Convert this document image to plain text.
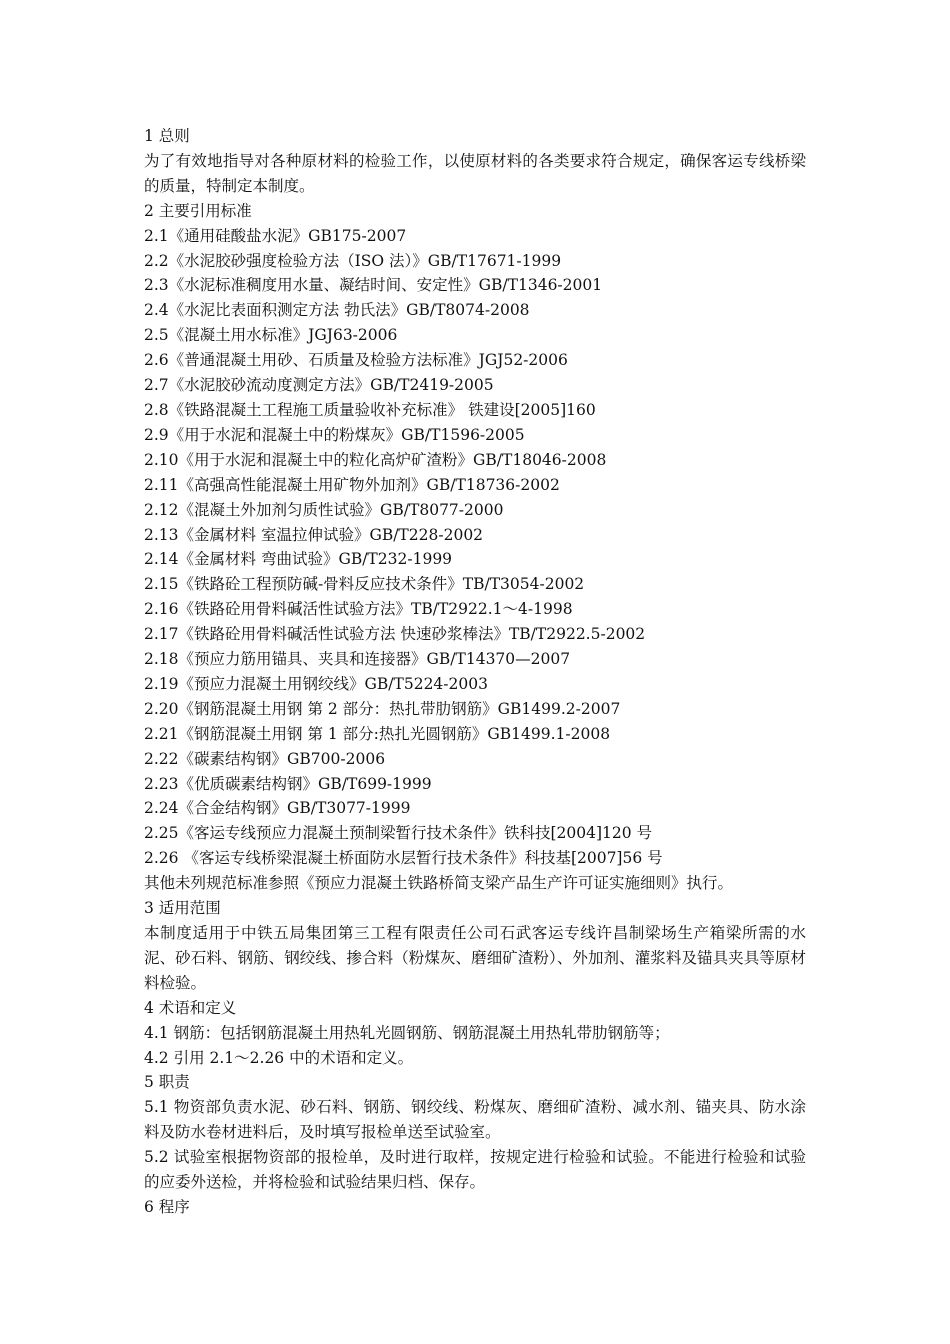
1 总则

为了有效地指导对各种原材料的检验工作，以使原材料的各类要求符合规定，确保客运专线桥梁的质量，特制定本制度。

2 主要引用标准

2.1《通用硅酸盐水泥》GB175-2007

2.2《水泥胶砂强度检验方法（ISO 法）》GB/T17671-1999

2.3《水泥标准稠度用水量、凝结时间、安定性》GB/T1346-2001

2.4《水泥比表面积测定方法 勃氏法》GB/T8074-2008

2.5《混凝土用水标准》JGJ63-2006

2.6《普通混凝土用砂、石质量及检验方法标准》JGJ52-2006

2.7《水泥胶砂流动度测定方法》GB/T2419-2005

2.8《铁路混凝土工程施工质量验收补充标准》 铁建设[2005]160

2.9《用于水泥和混凝土中的粉煤灰》GB/T1596-2005

2.10《用于水泥和混凝土中的粒化高炉矿渣粉》GB/T18046-2008

2.11《高强高性能混凝土用矿物外加剂》GB/T18736-2002

2.12《混凝土外加剂匀质性试验》GB/T8077-2000

2.13《金属材料 室温拉伸试验》GB/T228-2002

2.14《金属材料 弯曲试验》GB/T232-1999

2.15《铁路砼工程预防碱-骨料反应技术条件》TB/T3054-2002

2.16《铁路砼用骨料碱活性试验方法》TB/T2922.1～4-1998

2.17《铁路砼用骨料碱活性试验方法 快速砂浆棒法》TB/T2922.5-2002

2.18《预应力筋用锚具、夹具和连接器》GB/T14370—2007

2.19《预应力混凝土用钢绞线》GB/T5224-2003

2.20《钢筋混凝土用钢 第 2 部分：热扎带肋钢筋》GB1499.2-2007

2.21《钢筋混凝土用钢 第 1 部分:热扎光圆钢筋》GB1499.1-2008

2.22《碳素结构钢》GB700-2006

2.23《优质碳素结构钢》GB/T699-1999

2.24《合金结构钢》GB/T3077-1999

2.25《客运专线预应力混凝土预制梁暂行技术条件》铁科技[2004]120 号

2.26 《客运专线桥梁混凝土桥面防水层暂行技术条件》科技基[2007]56 号

其他未列规范标准参照《预应力混凝土铁路桥简支梁产品生产许可证实施细则》执行。

3 适用范围

本制度适用于中铁五局集团第三工程有限责任公司石武客运专线许昌制梁场生产箱梁所需的水泥、砂石料、钢筋、钢绞线、掺合料（粉煤灰、磨细矿渣粉）、外加剂、灌浆料及锚具夹具等原材料检验。

4 术语和定义

4.1 钢筋：包括钢筋混凝土用热轧光圆钢筋、钢筋混凝土用热轧带肋钢筋等；

4.2 引用 2.1～2.26 中的术语和定义。

5 职责

5.1 物资部负责水泥、砂石料、钢筋、钢绞线、粉煤灰、磨细矿渣粉、减水剂、锚夹具、防水涂料及防水卷材进料后，及时填写报检单送至试验室。

5.2 试验室根据物资部的报检单，及时进行取样，按规定进行检验和试验。不能进行检验和试验的应委外送检，并将检验和试验结果归档、保存。

6 程序
